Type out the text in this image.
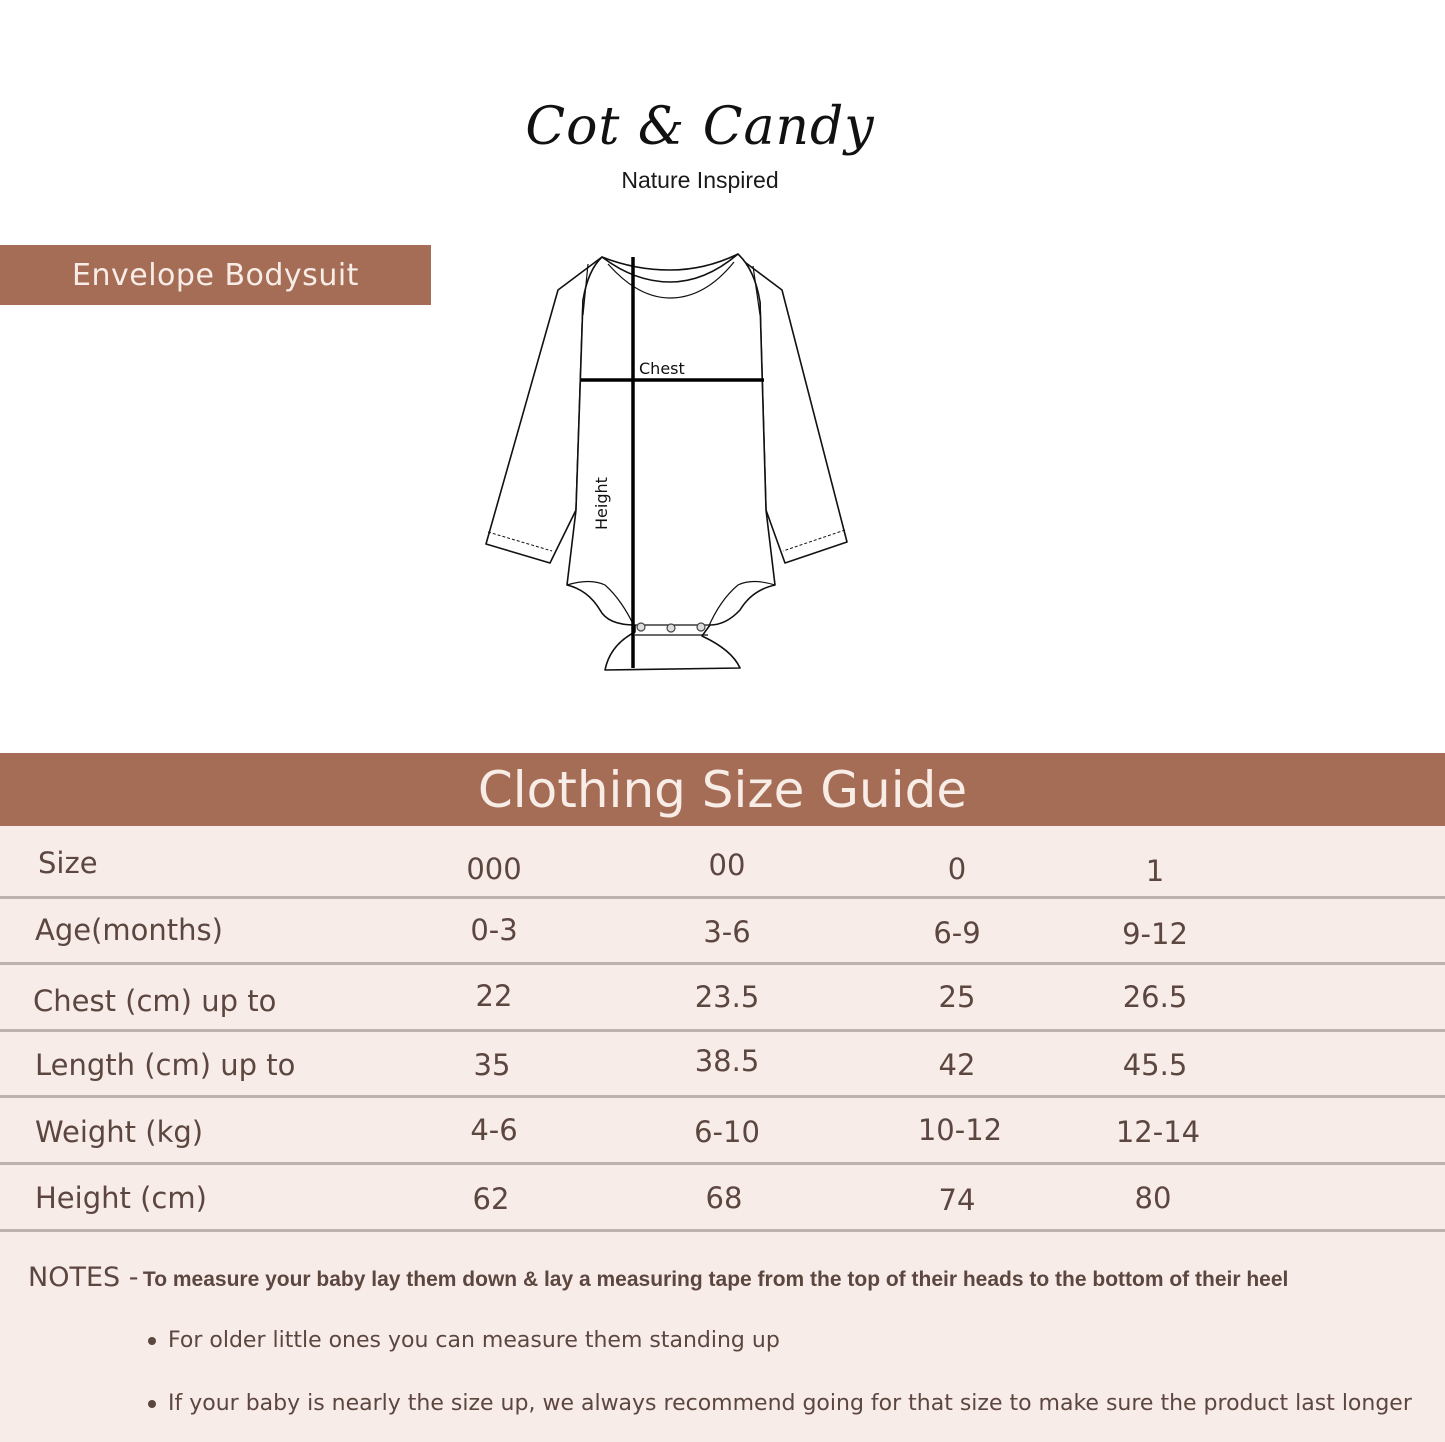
Cot & Candy
Nature Inspired
Envelope Bodysuit
Chest
Height
Clothing Size Guide
Size	000	00	0	1
Age(months)	0-3	3-6	6-9	9-12
Chest (cm) up to	22	23.5	25	26.5
Length (cm) up to	35	38.5	42	45.5
Weight (kg)	4-6	6-10	10-12	12-14
Height (cm)	62	68	74	80
NOTES - To measure your baby lay them down & lay a measuring tape from the top of their heads to the bottom of their heel
For older little ones you can measure them standing up
If your baby is nearly the size up, we always recommend going for that size to make sure the product last longer
